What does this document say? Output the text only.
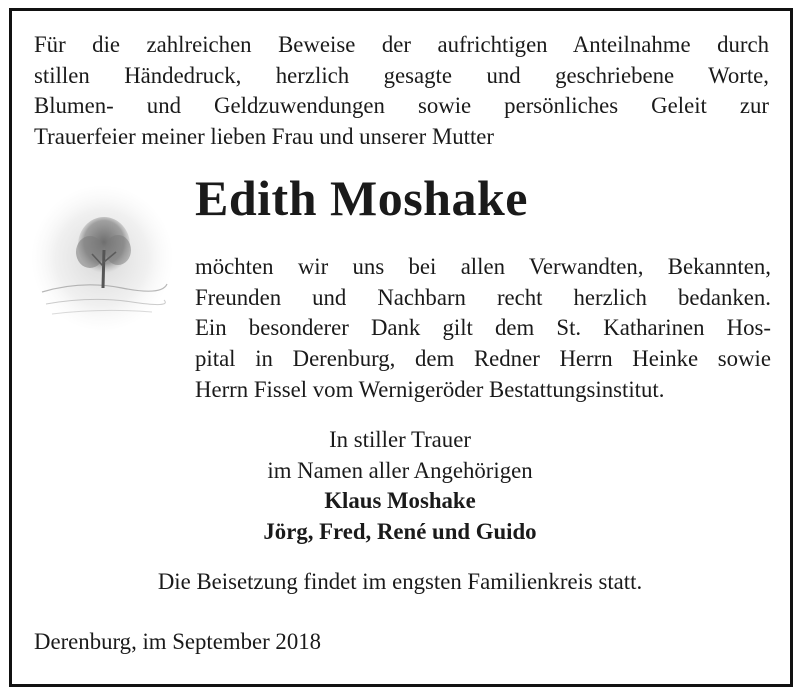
Für die zahlreichen Beweise der aufrichtigen Anteilnahme durch
stillen Händedruck, herzlich gesagte und geschriebene Worte,
Blumen- und Geldzuwendungen sowie persönliches Geleit zur
Trauerfeier meiner lieben Frau und unserer Mutter
Edith Moshake
möchten wir uns bei allen Verwandten, Bekannten,
Freunden und Nachbarn recht herzlich bedanken.
Ein besonderer Dank gilt dem St. Katharinen Hos-
pital in Derenburg, dem Redner Herrn Heinke sowie
Herrn Fissel vom Wernigeröder Bestattungsinstitut.
In stiller Trauer
im Namen aller Angehörigen
Klaus Moshake
Jörg, Fred, René und Guido
Die Beisetzung findet im engsten Familienkreis statt.
Derenburg, im September 2018
